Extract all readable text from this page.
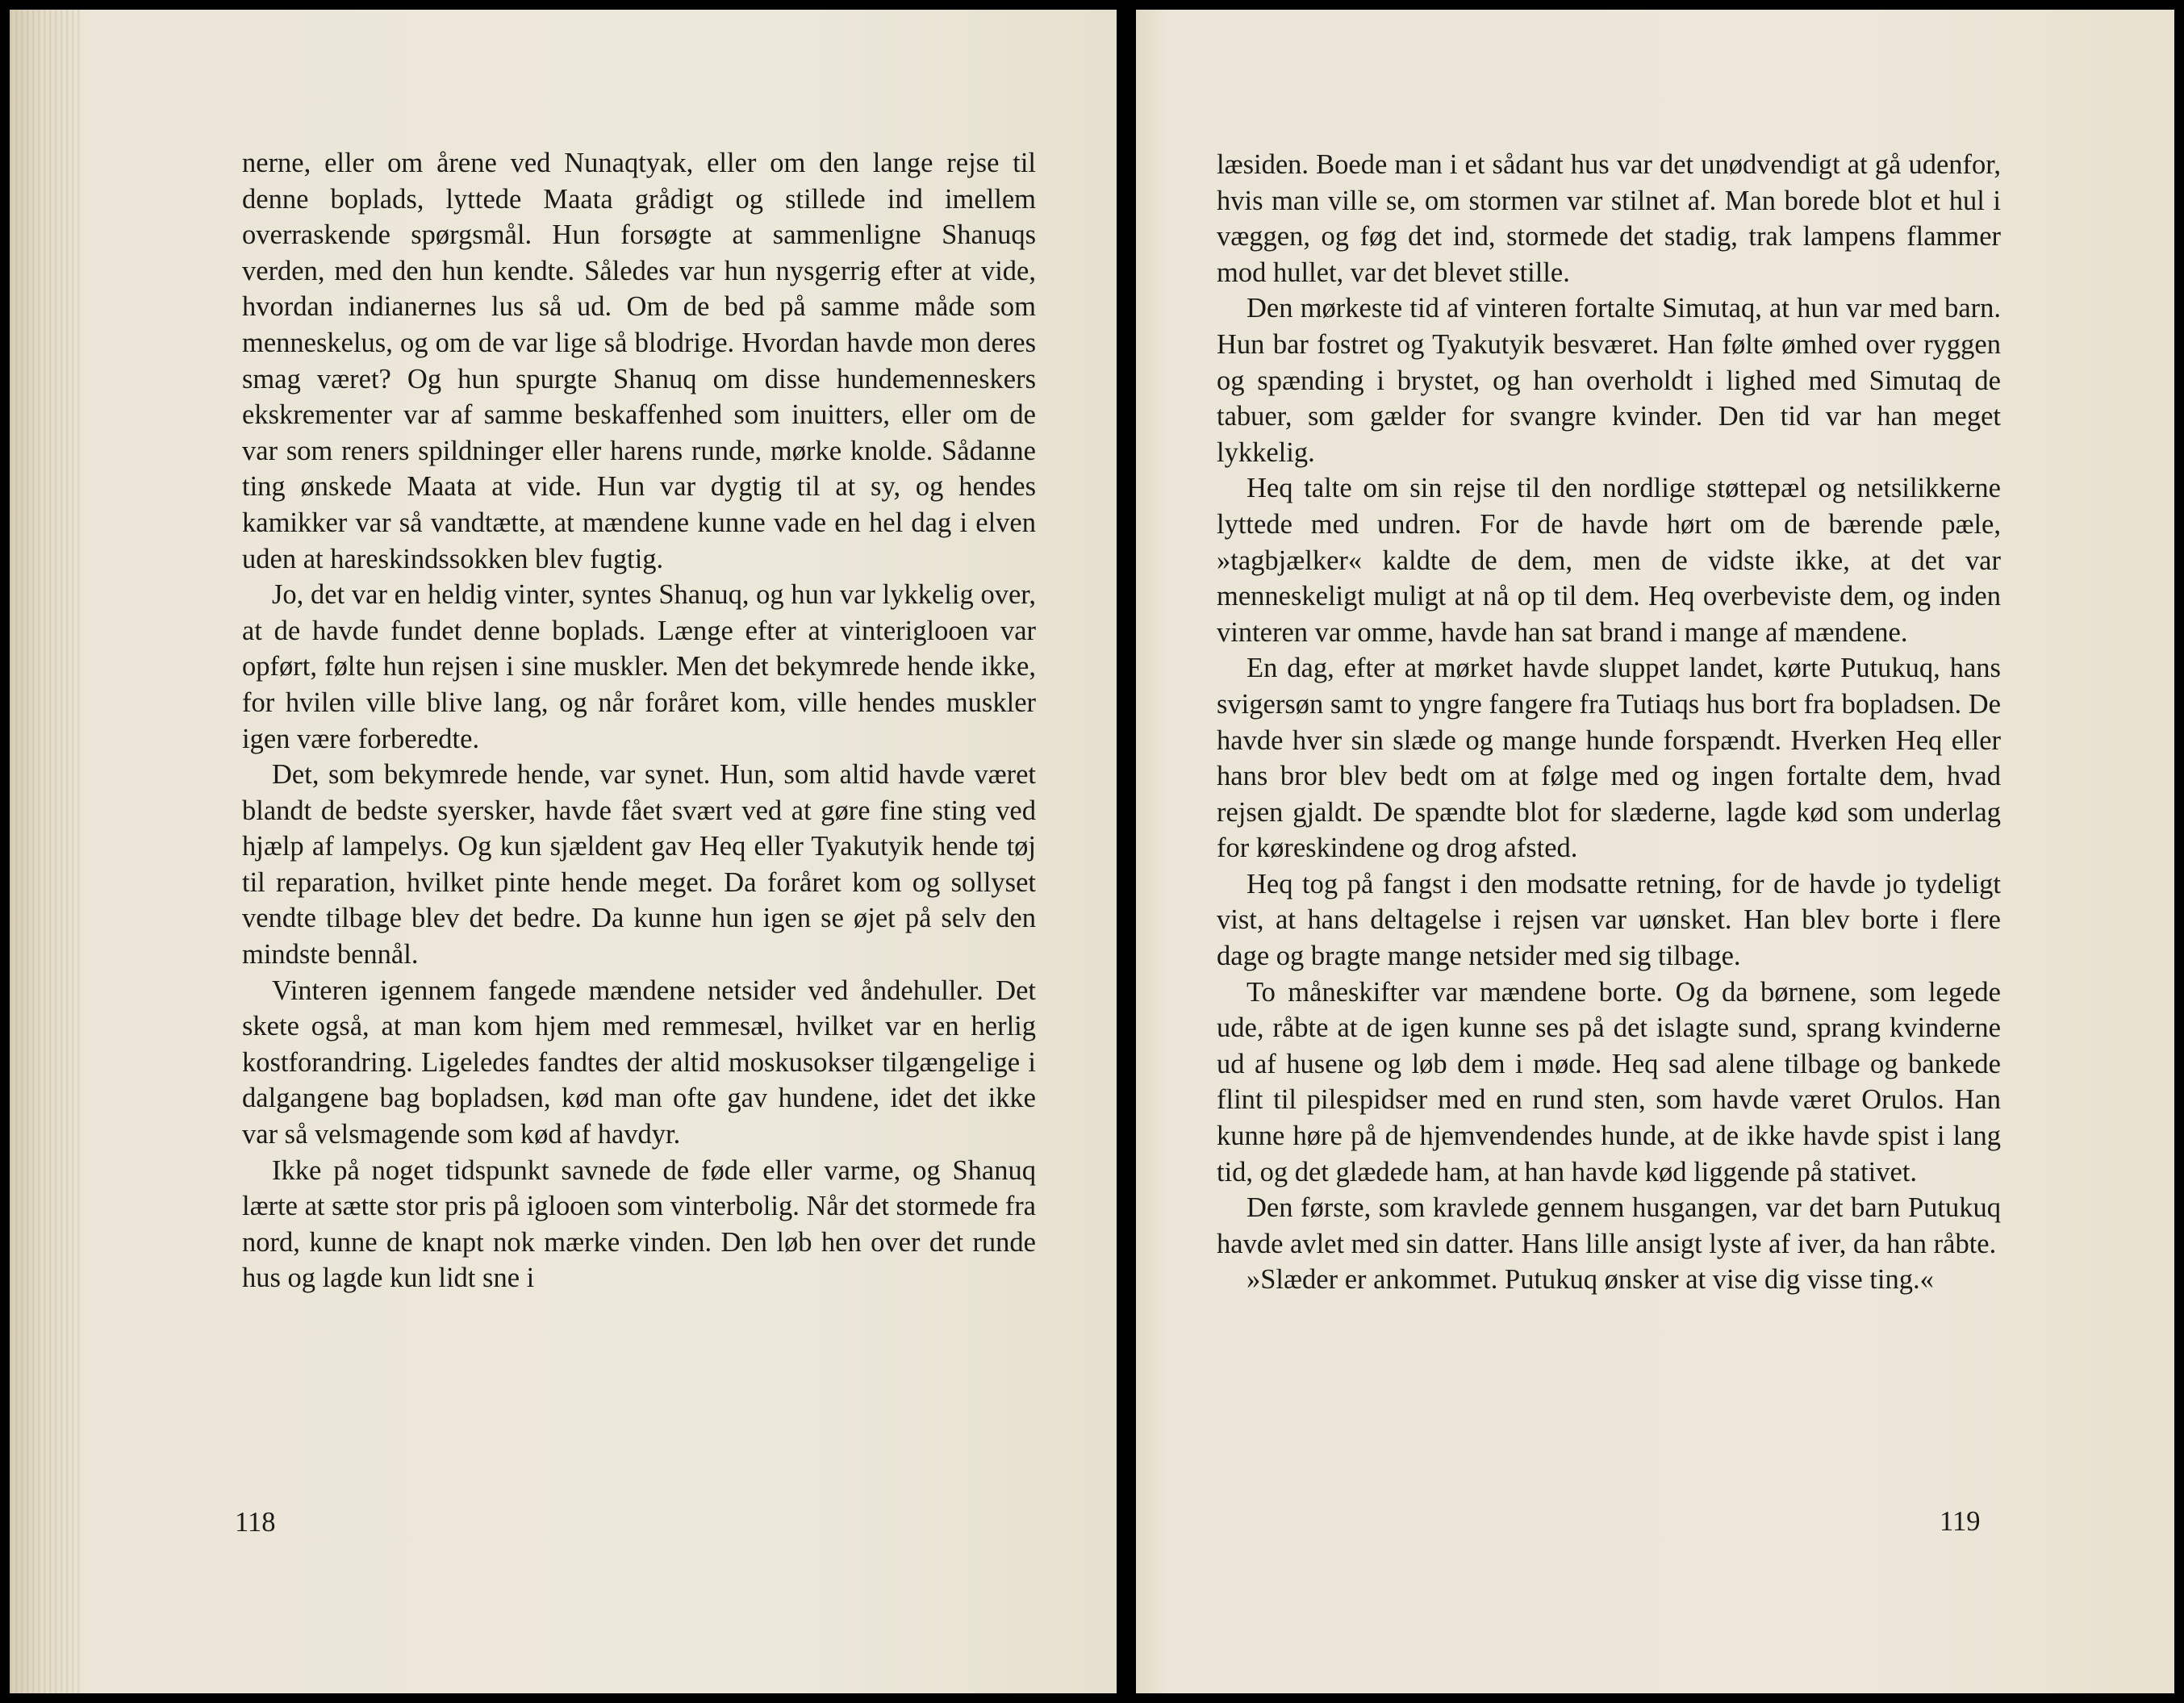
nerne, eller om årene ved Nunaqtyak, eller om den lange rejse til denne boplads, lyttede Maata grådigt og stillede ind imellem overraskende spørgsmål. Hun forsøgte at sammenligne Shanuqs verden, med den hun kendte. Således var hun nysgerrig efter at vide, hvordan indianernes lus så ud. Om de bed på samme måde som menneskelus, og om de var lige så blodrige. Hvordan havde mon deres smag været? Og hun spurgte Shanuq om disse hundemenneskers ekskrementer var af samme beskaffenhed som inuitters, eller om de var som reners spildninger eller harens runde, mørke knolde. Sådanne ting ønskede Maata at vide. Hun var dygtig til at sy, og hendes kamikker var så vandtætte, at mændene kunne vade en hel dag i elven uden at hareskindssokken blev fugtig.

Jo, det var en heldig vinter, syntes Shanuq, og hun var lykkelig over, at de havde fundet denne boplads. Længe efter at vinteriglooen var opført, følte hun rejsen i sine muskler. Men det bekymrede hende ikke, for hvilen ville blive lang, og når foråret kom, ville hendes muskler igen være forberedte.

Det, som bekymrede hende, var synet. Hun, som altid havde været blandt de bedste syersker, havde fået svært ved at gøre fine sting ved hjælp af lampelys. Og kun sjældent gav Heq eller Tyakutyik hende tøj til reparation, hvilket pinte hende meget. Da foråret kom og sollyset vendte tilbage blev det bedre. Da kunne hun igen se øjet på selv den mindste bennål.

Vinteren igennem fangede mændene netsider ved åndehuller. Det skete også, at man kom hjem med remmesæl, hvilket var en herlig kostforandring. Ligeledes fandtes der altid moskusokser tilgængelige i dalgangene bag bopladsen, kød man ofte gav hundene, idet det ikke var så velsmagende som kød af havdyr.

Ikke på noget tidspunkt savnede de føde eller varme, og Shanuq lærte at sætte stor pris på iglooen som vinterbolig. Når det stormede fra nord, kunne de knapt nok mærke vinden. Den løb hen over det runde hus og lagde kun lidt sne i

118

læsiden. Boede man i et sådant hus var det unødvendigt at gå udenfor, hvis man ville se, om stormen var stilnet af. Man borede blot et hul i væggen, og føg det ind, stormede det stadig, trak lampens flammer mod hullet, var det blevet stille.

Den mørkeste tid af vinteren fortalte Simutaq, at hun var med barn. Hun bar fostret og Tyakutyik besværet. Han følte ømhed over ryggen og spænding i brystet, og han overholdt i lighed med Simutaq de tabuer, som gælder for svangre kvinder. Den tid var han meget lykkelig.

Heq talte om sin rejse til den nordlige støttepæl og netsilikkerne lyttede med undren. For de havde hørt om de bærende pæle, »tagbjælker« kaldte de dem, men de vidste ikke, at det var menneskeligt muligt at nå op til dem. Heq overbeviste dem, og inden vinteren var omme, havde han sat brand i mange af mændene.

En dag, efter at mørket havde sluppet landet, kørte Putukuq, hans svigersøn samt to yngre fangere fra Tutiaqs hus bort fra bopladsen. De havde hver sin slæde og mange hunde forspændt. Hverken Heq eller hans bror blev bedt om at følge med og ingen fortalte dem, hvad rejsen gjaldt. De spændte blot for slæderne, lagde kød som underlag for køreskindene og drog afsted.

Heq tog på fangst i den modsatte retning, for de havde jo tydeligt vist, at hans deltagelse i rejsen var uønsket. Han blev borte i flere dage og bragte mange netsider med sig tilbage.

To måneskifter var mændene borte. Og da børnene, som legede ude, råbte at de igen kunne ses på det islagte sund, sprang kvinderne ud af husene og løb dem i møde. Heq sad alene tilbage og bankede flint til pilespidser med en rund sten, som havde været Orulos. Han kunne høre på de hjemvendendes hunde, at de ikke havde spist i lang tid, og det glædede ham, at han havde kød liggende på stativet.

Den første, som kravlede gennem husgangen, var det barn Putukuq havde avlet med sin datter. Hans lille ansigt lyste af iver, da han råbte.

»Slæder er ankommet. Putukuq ønsker at vise dig visse ting.«

119
